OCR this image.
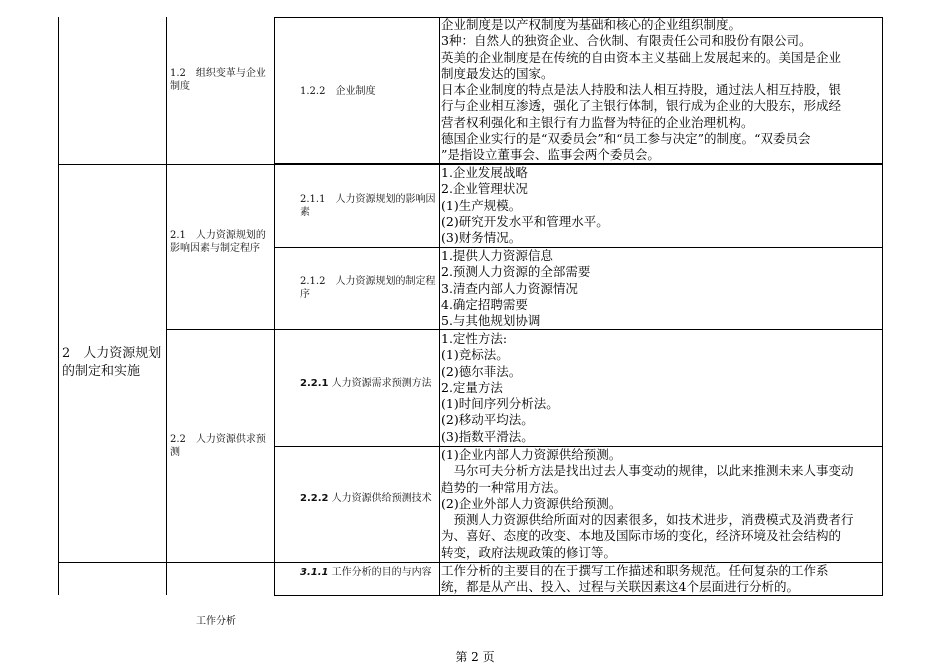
2　人力资源规划的制定和实施
1.2　组织变革与企业制度
2.1　人力资源规划的影响因素与制定程序
2.2　人力资源供求预测
1.2.2　企业制度
2.1.1　人力资源规划的影响因素
2.1.2　人力资源规划的制定程序
2.2.1 人力资源需求预测方法
2.2.2 人力资源供给预测技术
3.1.1 工作分析的目的与内容
企业制度是以产权制度为基础和核心的企业组织制度。
3种：自然人的独资企业、合伙制、有限责任公司和股份有限公司。
英美的企业制度是在传统的自由资本主义基础上发展起来的。美国是企业
制度最发达的国家。
日本企业制度的特点是法人持股和法人相互持股，通过法人相互持股，银
行与企业相互渗透，强化了主银行体制，银行成为企业的大股东，形成经
营者权利强化和主银行有力监督为特征的企业治理机构。
德国企业实行的是“双委员会”和“员工参与决定”的制度。“双委员会
”是指设立董事会、监事会两个委员会。
1.企业发展战略
2.企业管理状况
(1)生产规模。
(2)研究开发水平和管理水平。
(3)财务情况。
1.提供人力资源信息
2.预测人力资源的全部需要
3.清查内部人力资源情况
4.确定招聘需要
5.与其他规划协调
1.定性方法:
(1)竞标法。
(2)德尔菲法。
2.定量方法
(1)时间序列分析法。
(2)移动平均法。
(3)指数平滑法。
(1)企业内部人力资源供给预测。
　马尔可夫分析方法是找出过去人事变动的规律，以此来推测未来人事变动
趋势的一种常用方法。
(2)企业外部人力资源供给预测。
　预测人力资源供给所面对的因素很多，如技术进步，消费模式及消费者行
为、喜好、态度的改变、本地及国际市场的变化，经济环境及社会结构的
转变，政府法规政策的修订等。
工作分析的主要目的在于撰写工作描述和职务规范。任何复杂的工作系
统，都是从产出、投入、过程与关联因素这4个层面进行分析的。
工作分析
第 2 页
